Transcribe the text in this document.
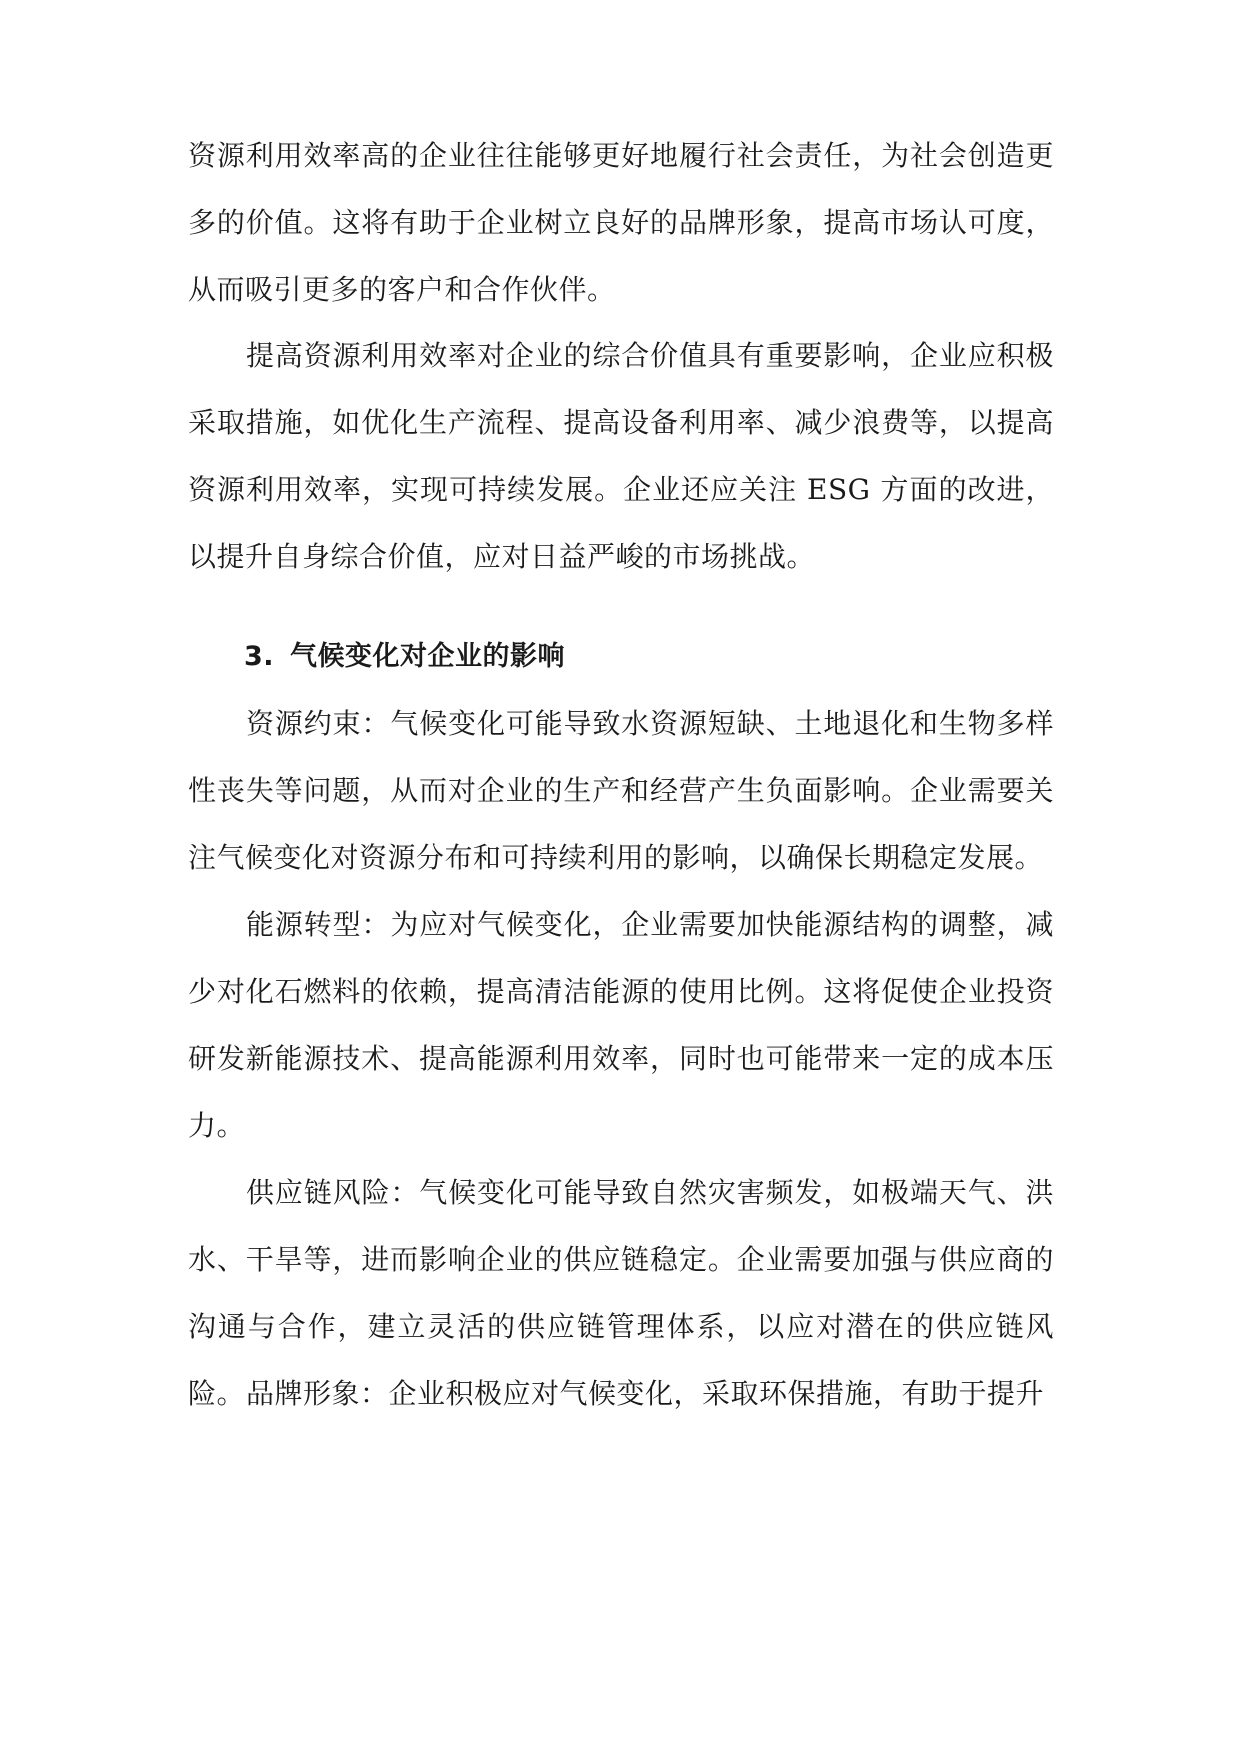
资源利用效率高的企业往往能够更好地履行社会责任，为社会创造更多的价值。这将有助于企业树立良好的品牌形象，提高市场认可度，从而吸引更多的客户和合作伙伴。

提高资源利用效率对企业的综合价值具有重要影响，企业应积极采取措施，如优化生产流程、提高设备利用率、减少浪费等，以提高资源利用效率，实现可持续发展。企业还应关注 ESG 方面的改进，以提升自身综合价值，应对日益严峻的市场挑战。

3. 气候变化对企业的影响

资源约束：气候变化可能导致水资源短缺、土地退化和生物多样性丧失等问题，从而对企业的生产和经营产生负面影响。企业需要关注气候变化对资源分布和可持续利用的影响，以确保长期稳定发展。

能源转型：为应对气候变化，企业需要加快能源结构的调整，减少对化石燃料的依赖，提高清洁能源的使用比例。这将促使企业投资研发新能源技术、提高能源利用效率，同时也可能带来一定的成本压力。

供应链风险：气候变化可能导致自然灾害频发，如极端天气、洪水、干旱等，进而影响企业的供应链稳定。企业需要加强与供应商的沟通与合作，建立灵活的供应链管理体系，以应对潜在的供应链风险。 品牌形象：企业积极应对气候变化，采取环保措施，有助于提升
